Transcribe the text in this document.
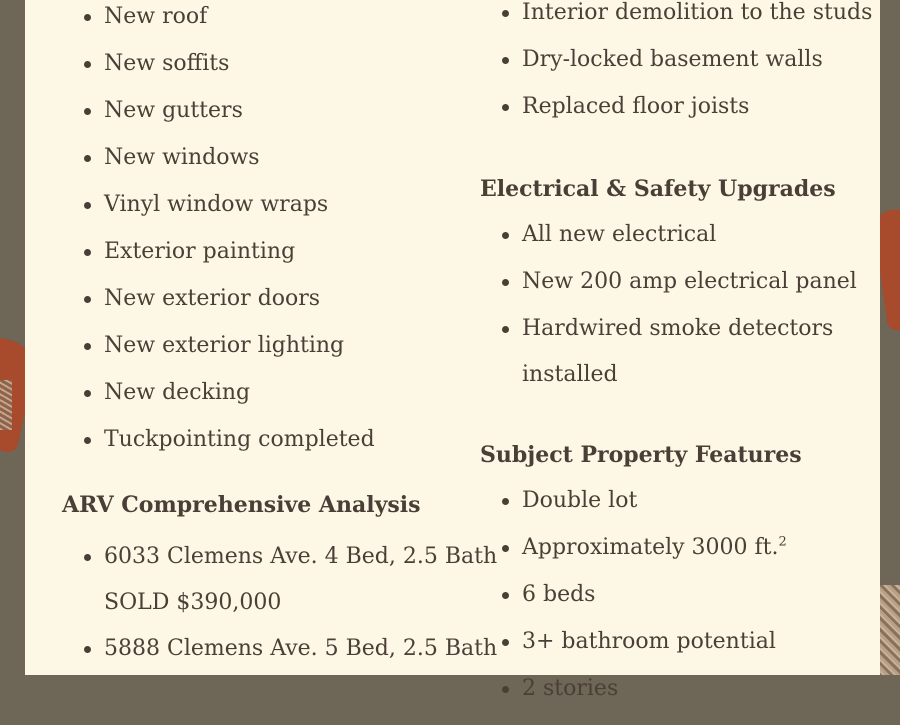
New roof
New soffits
New gutters
New windows
Vinyl window wraps
Exterior painting
New exterior doors
New exterior lighting
New decking
Tuckpointing completed
ARV Comprehensive Analysis
6033 Clemens Ave. 4 Bed, 2.5 Bath
SOLD $390,000
5888 Clemens Ave. 5 Bed, 2.5 Bath
Interior demolition to the studs
Dry-locked basement walls
Replaced floor joists
Electrical & Safety Upgrades
All new electrical
New 200 amp electrical panel
Hardwired smoke detectors
installed
Subject Property Features
Double lot
Approximately 3000 ft.$^2$
6 beds
3+ bathroom potential
2 stories
